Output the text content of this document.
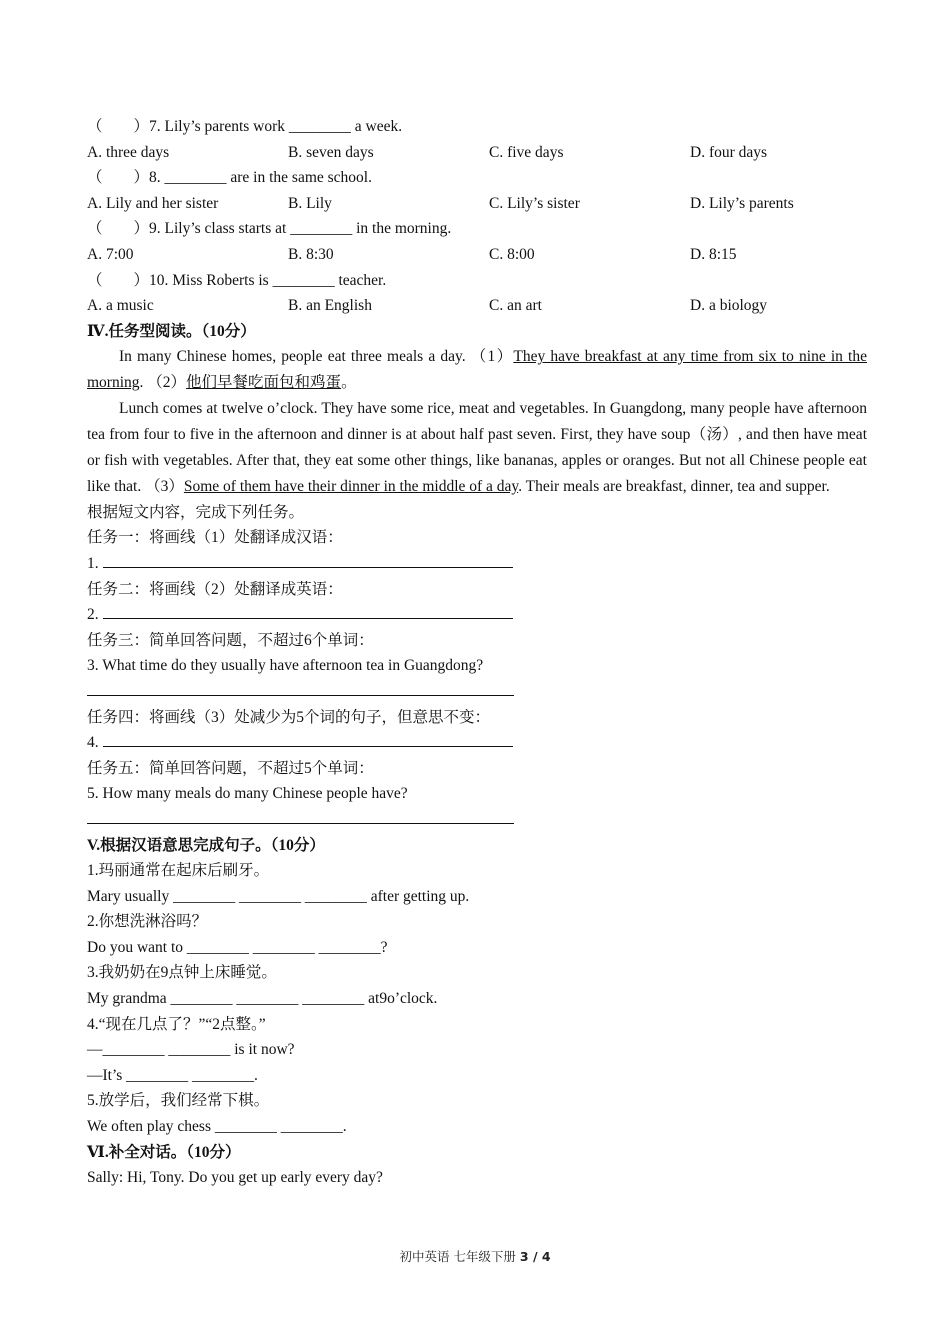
（　　）7. Lily’s parents work ________ a week.
A. three days	B. seven days	C. five days	D. four days
（　　）8. ________ are in the same school.
A. Lily and her sister	B. Lily	C. Lily’s sister	D. Lily’s parents
（　　）9. Lily’s class starts at ________ in the morning.
A. 7:00	B. 8:30	C. 8:00	D. 8:15
（　　）10. Miss Roberts is ________ teacher.
A. a music	B. an English	C. an art	D. a biology
Ⅳ.任务型阅读。（10分）
In many Chinese homes, people eat three meals a day. （1）They have breakfast at any time from six to nine in the morning. （2）他们早餐吃面包和鸡蛋。
Lunch comes at twelve o’clock. They have some rice, meat and vegetables. In Guangdong, many people have afternoon tea from four to five in the afternoon and dinner is at about half past seven. First, they have soup（汤）, and then have meat or fish with vegetables. After that, they eat some other things, like bananas, apples or oranges. But not all Chinese people eat like that. （3）Some of them have their dinner in the middle of a day. Their meals are breakfast, dinner, tea and supper.
根据短文内容，完成下列任务。
任务一：将画线（1）处翻译成汉语：
1.
任务二：将画线（2）处翻译成英语：
2.
任务三：简单回答问题，不超过6个单词：
3. What time do they usually have afternoon tea in Guangdong?
任务四：将画线（3）处减少为5个词的句子，但意思不变：
4.
任务五：简单回答问题，不超过5个单词：
5. How many meals do many Chinese people have?
V.根据汉语意思完成句子。（10分）
1.玛丽通常在起床后刷牙。
Mary usually ________ ________ ________ after getting up.
2.你想洗淋浴吗？
Do you want to ________ ________ ________?
3.我奶奶在9点钟上床睡觉。
My grandma ________ ________ ________ at9o’clock.
4.“现在几点了？”“2点整。”
—________ ________ is it now?
—It’s ________ ________.
5.放学后，我们经常下棋。
We often play chess ________ ________.
Ⅵ.补全对话。（10分）
Sally: Hi, Tony. Do you get up early every day?
初中英语 七年级下册 3 / 4
